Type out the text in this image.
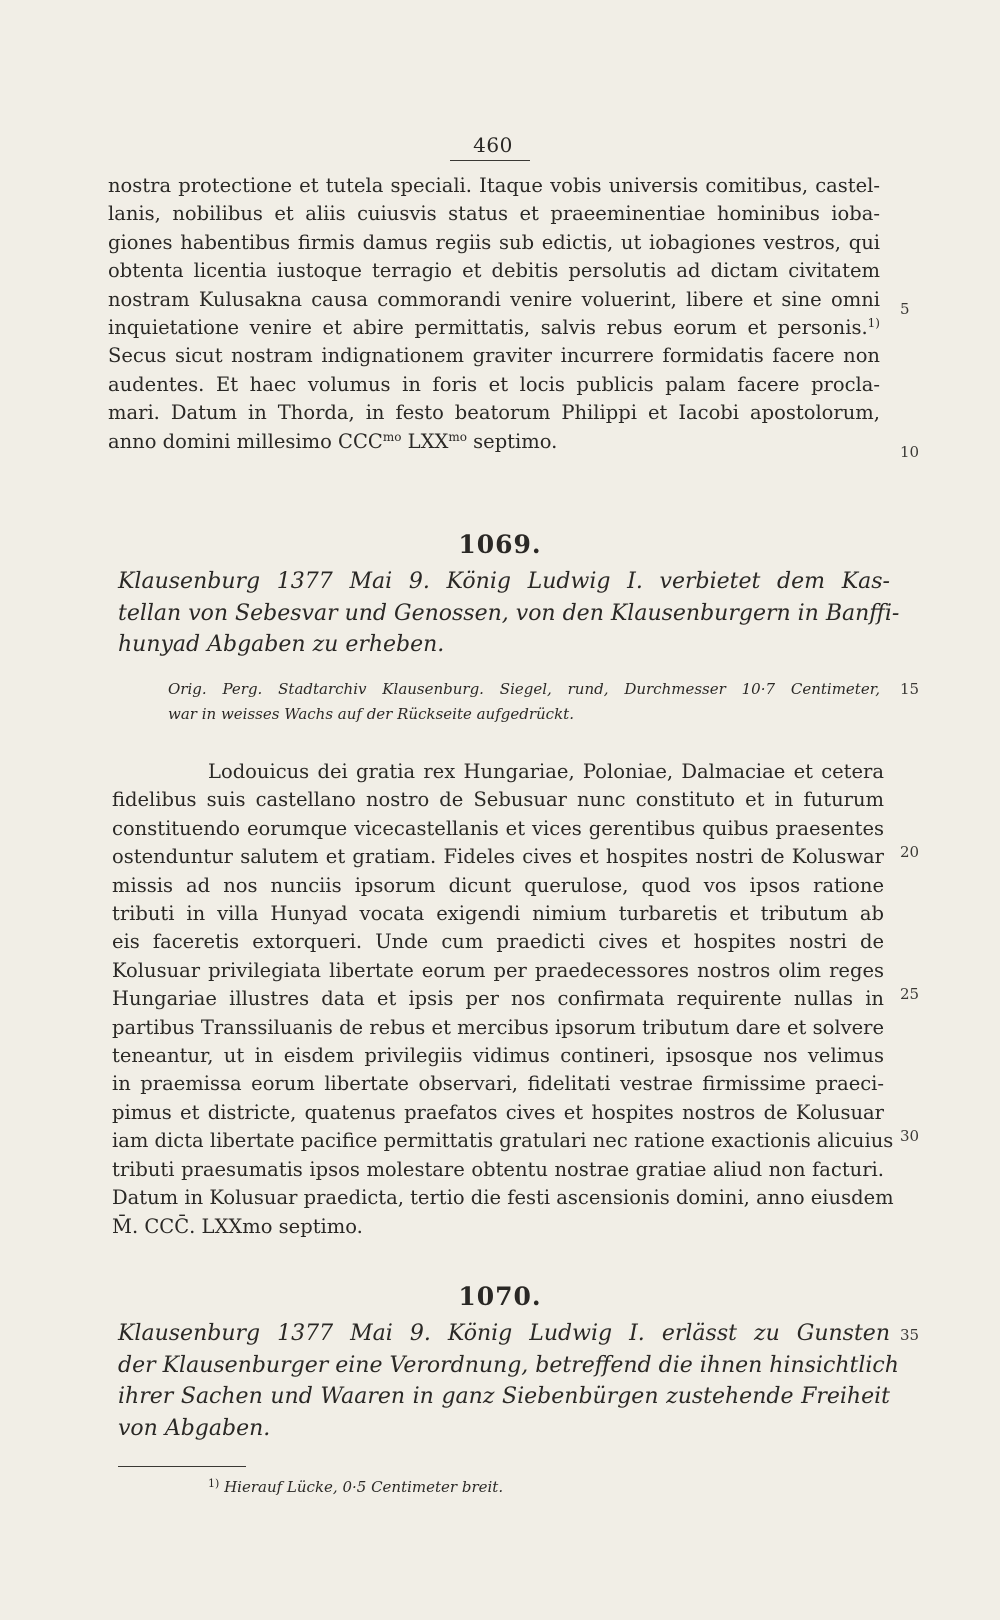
460
nostra protectione et tutela speciali. Itaque vobis universis comitibus, castel-
lanis, nobilibus et aliis cuiusvis status et praeeminentiae hominibus ioba-
giones habentibus firmis damus regiis sub edictis, ut iobagiones vestros, qui
obtenta licentia iustoque terragio et debitis persolutis ad dictam civitatem
nostram Kulusakna causa commorandi venire voluerint, libere et sine omni
inquietatione venire et abire permittatis, salvis rebus eorum et personis.$^{1)}$
Secus sicut nostram indignationem graviter incurrere formidatis facere non
audentes. Et haec volumus in foris et locis publicis palam facere procla-
mari. Datum in Thorda, in festo beatorum Philippi et Iacobi apostolorum,
anno domini millesimo $CCC^{mo}$ $LXX^{mo}$ septimo.
1069.
Klausenburg 1377 Mai 9. König Ludwig I. verbietet dem Kas-
tellan von Sebesvar und Genossen, von den Klausenburgern in Banffi-
hunyad Abgaben zu erheben.
Orig. Perg. Stadtarchiv Klausenburg. Siegel, rund, Durchmesser 10·7 Centimeter,
war in weisses Wachs auf der Rückseite aufgedrückt.
Lodouicus dei gratia rex Hungariae, Poloniae, Dalmaciae et cetera
fidelibus suis castellano nostro de Sebusuar nunc constituto et in futurum
constituendo eorumque vicecastellanis et vices gerentibus quibus praesentes
ostenduntur salutem et gratiam. Fideles cives et hospites nostri de Koluswar
missis ad nos nunciis ipsorum dicunt querulose, quod vos ipsos ratione
tributi in villa Hunyad vocata exigendi nimium turbaretis et tributum ab
eis faceretis extorqueri. Unde cum praedicti cives et hospites nostri de
Kolusuar privilegiata libertate eorum per praedecessores nostros olim reges
Hungariae illustres data et ipsis per nos confirmata requirente nullas in
partibus Transsiluanis de rebus et mercibus ipsorum tributum dare et solvere
teneantur, ut in eisdem privilegiis vidimus contineri, ipsosque nos velimus
in praemissa eorum libertate observari, fidelitati vestrae firmissime praeci-
pimus et districte, quatenus praefatos cives et hospites nostros de Kolusuar
iam dicta libertate pacifice permittatis gratulari nec ratione exactionis alicuius
tributi praesumatis ipsos molestare obtentu nostrae gratiae aliud non facturi.
Datum in Kolusuar praedicta, tertio die festi ascensionis domini, anno eiusdem
M̄. CCC̄. LXXmo septimo.
1070.
Klausenburg 1377 Mai 9. König Ludwig I. erlässt zu Gunsten
der Klausenburger eine Verordnung, betreffend die ihnen hinsichtlich
ihrer Sachen und Waaren in ganz Siebenbürgen zustehende Freiheit
von Abgaben.
5
10
15
20
25
30
35
$^{1)}$ Hierauf Lücke, 0·5 Centimeter breit.
